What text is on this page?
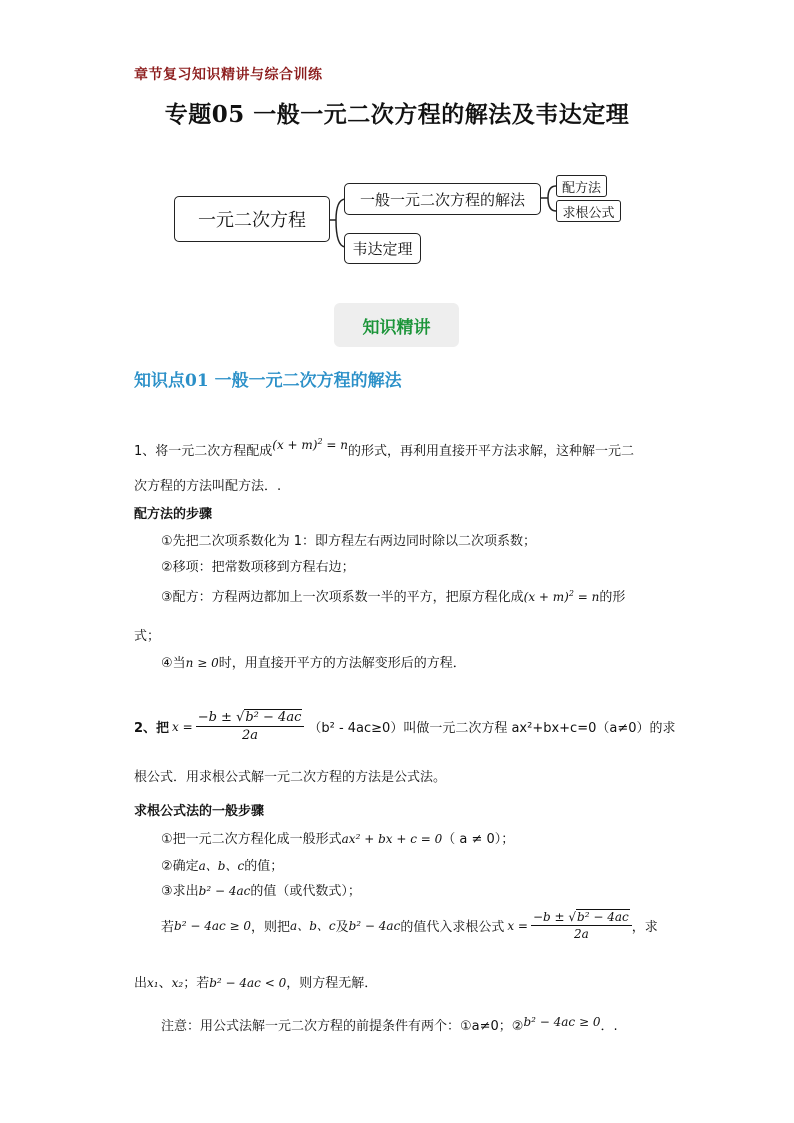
章节复习知识精讲与综合训练
专题05 一般一元二次方程的解法及韦达定理
一元二次方程
一般一元二次方程的解法
韦达定理
配方法
求根公式
知识精讲
知识点01 一般一元二次方程的解法
1、将一元二次方程配成$(x + m)^2 = n$的形式，再利用直接开平方法求解，这种解一元二
次方程的方法叫配方法．.
配方法的步骤
①先把二次项系数化为 1：即方程左右两边同时除以二次项系数；
②移项：把常数项移到方程右边；
③配方：方程两边都加上一次项系数一半的平方，把原方程化成$(x + m)^2 = n$的形
式；
④当n ≥ 0时，用直接开平方的方法解变形后的方程．
2、把 $x = \frac{\text{−b ± √b² − 4ac}}{2a} (b^2 - 4ac\ge 0)$叫做一元二次方程 ax²+bx+c=0（a≠0）的求
根公式．用求根公式解一元二次方程的方法是公式法。
求根公式法的一般步骤
①把一元二次方程化成一般形式ax² + bx + c = 0（ a ≠ 0）；
②确定a、b、c的值；
③求出b² − 4ac的值（或代数式）；
若 b² − 4ac ≥ 0 ，则把 a、b、c 及 b² − 4ac 的值代入求根公式 $x = \frac{\text{−b ± √b² − 4ac}}{2a}$ ，求
出x₁、x₂；若b² − 4ac < 0，则方程无解．
注意：用公式法解一元二次方程的前提条件有两个：①a≠0；②b² − 4ac ≥ 0．.
